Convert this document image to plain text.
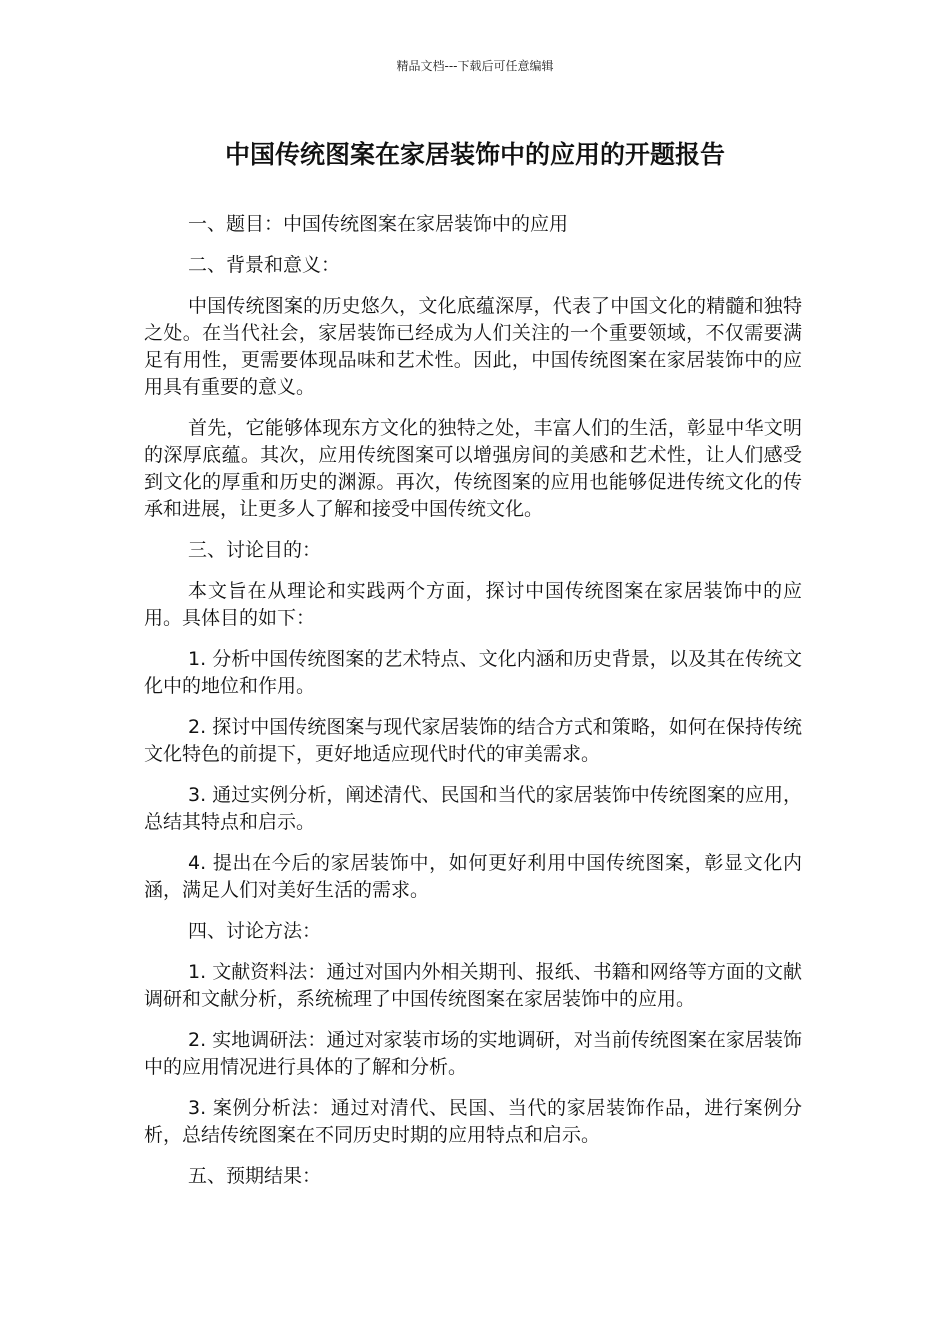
精品文档---下载后可任意编辑
中国传统图案在家居装饰中的应用的开题报告

一、题目：中国传统图案在家居装饰中的应用

二、背景和意义：

中国传统图案的历史悠久，文化底蕴深厚，代表了中国文化的精髓和独特之处。在当代社会，家居装饰已经成为人们关注的一个重要领域，不仅需要满足有用性，更需要体现品味和艺术性。因此，中国传统图案在家居装饰中的应用具有重要的意义。

首先，它能够体现东方文化的独特之处，丰富人们的生活，彰显中华文明的深厚底蕴。其次，应用传统图案可以增强房间的美感和艺术性，让人们感受到文化的厚重和历史的渊源。再次，传统图案的应用也能够促进传统文化的传承和进展，让更多人了解和接受中国传统文化。

三、讨论目的：

本文旨在从理论和实践两个方面，探讨中国传统图案在家居装饰中的应用。具体目的如下：

1. 分析中国传统图案的艺术特点、文化内涵和历史背景，以及其在传统文化中的地位和作用。

2. 探讨中国传统图案与现代家居装饰的结合方式和策略，如何在保持传统文化特色的前提下，更好地适应现代时代的审美需求。

3. 通过实例分析，阐述清代、民国和当代的家居装饰中传统图案的应用，总结其特点和启示。

4. 提出在今后的家居装饰中，如何更好利用中国传统图案，彰显文化内涵，满足人们对美好生活的需求。

四、讨论方法：

1. 文献资料法：通过对国内外相关期刊、报纸、书籍和网络等方面的文献调研和文献分析，系统梳理了中国传统图案在家居装饰中的应用。

2. 实地调研法：通过对家装市场的实地调研，对当前传统图案在家居装饰中的应用情况进行具体的了解和分析。

3. 案例分析法：通过对清代、民国、当代的家居装饰作品，进行案例分析，总结传统图案在不同历史时期的应用特点和启示。

五、预期结果：
